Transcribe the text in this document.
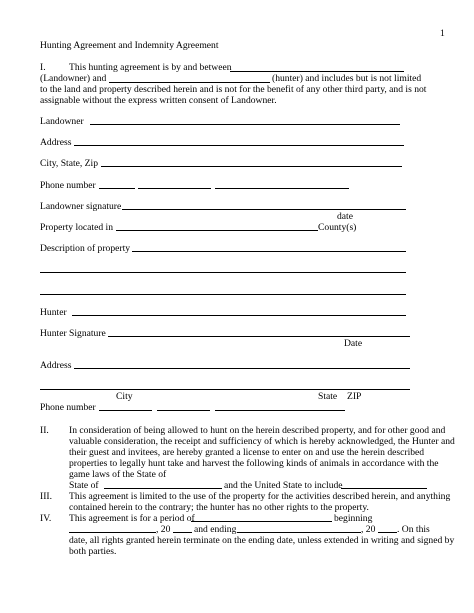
1
Hunting Agreement and Indemnity Agreement
I. This hunting agreement is by and between
(Landowner) and	(hunter) and includes but is not limited
to the land and property described herein and is not for the benefit of any other third party, and is not
assignable without the express written consent of Landowner.
Landowner
Address
City, State, Zip
Phone number
Landowner signature
date
Property located in	County(s)
Description of property
Hunter
Hunter Signature
Date
Address
City	State ZIP
Phone number
II. In consideration of being allowed to hunt on the herein described property, and for other good and
valuable consideration, the receipt and sufficiency of which is hereby acknowledged, the Hunter and
their guest and invitees, are hereby granted a license to enter on and use the herein described
properties to legally hunt take and harvest the following kinds of animals in accordance with the
game laws of the State of
State of	and the United State to include
III. This agreement is limited to the use of the property for the activities described herein, and anything
contained herein to the contrary; the hunter has no other rights to the property.
IV. This agreement is for a period of	beginning
, 20 and ending	, 20 . On this
date, all rights granted herein terminate on the ending date, unless extended in writing and signed by
both parties.
